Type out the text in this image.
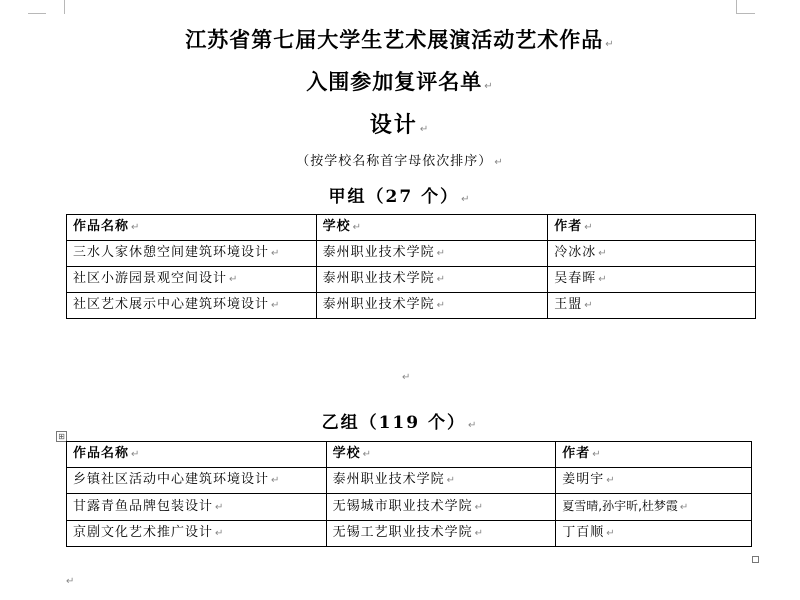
江苏省第七届大学生艺术展演活动艺术作品 ↵
入围参加复评名单 ↵
设计 ↵
（按学校名称首字母依次排序） ↵
甲组（27 个） ↵
作品名称 ↵	学校 ↵	作者 ↵
三水人家休憩空间建筑环境设计 ↵	泰州职业技术学院 ↵	冷冰冰 ↵
社区小游园景观空间设计 ↵	泰州职业技术学院 ↵	吴春晖 ↵
社区艺术展示中心建筑环境设计 ↵	泰州职业技术学院 ↵	王盟 ↵
↵
乙组（119 个） ↵
⊞
作品名称 ↵	学校 ↵	作者 ↵
乡镇社区活动中心建筑环境设计 ↵	泰州职业技术学院 ↵	姜明宇 ↵
甘露青鱼品牌包装设计 ↵	无锡城市职业技术学院 ↵	夏雪晴,孙宇昕,杜梦霞 ↵
京剧文化艺术推广设计 ↵	无锡工艺职业技术学院 ↵	丁百顺 ↵
↵
